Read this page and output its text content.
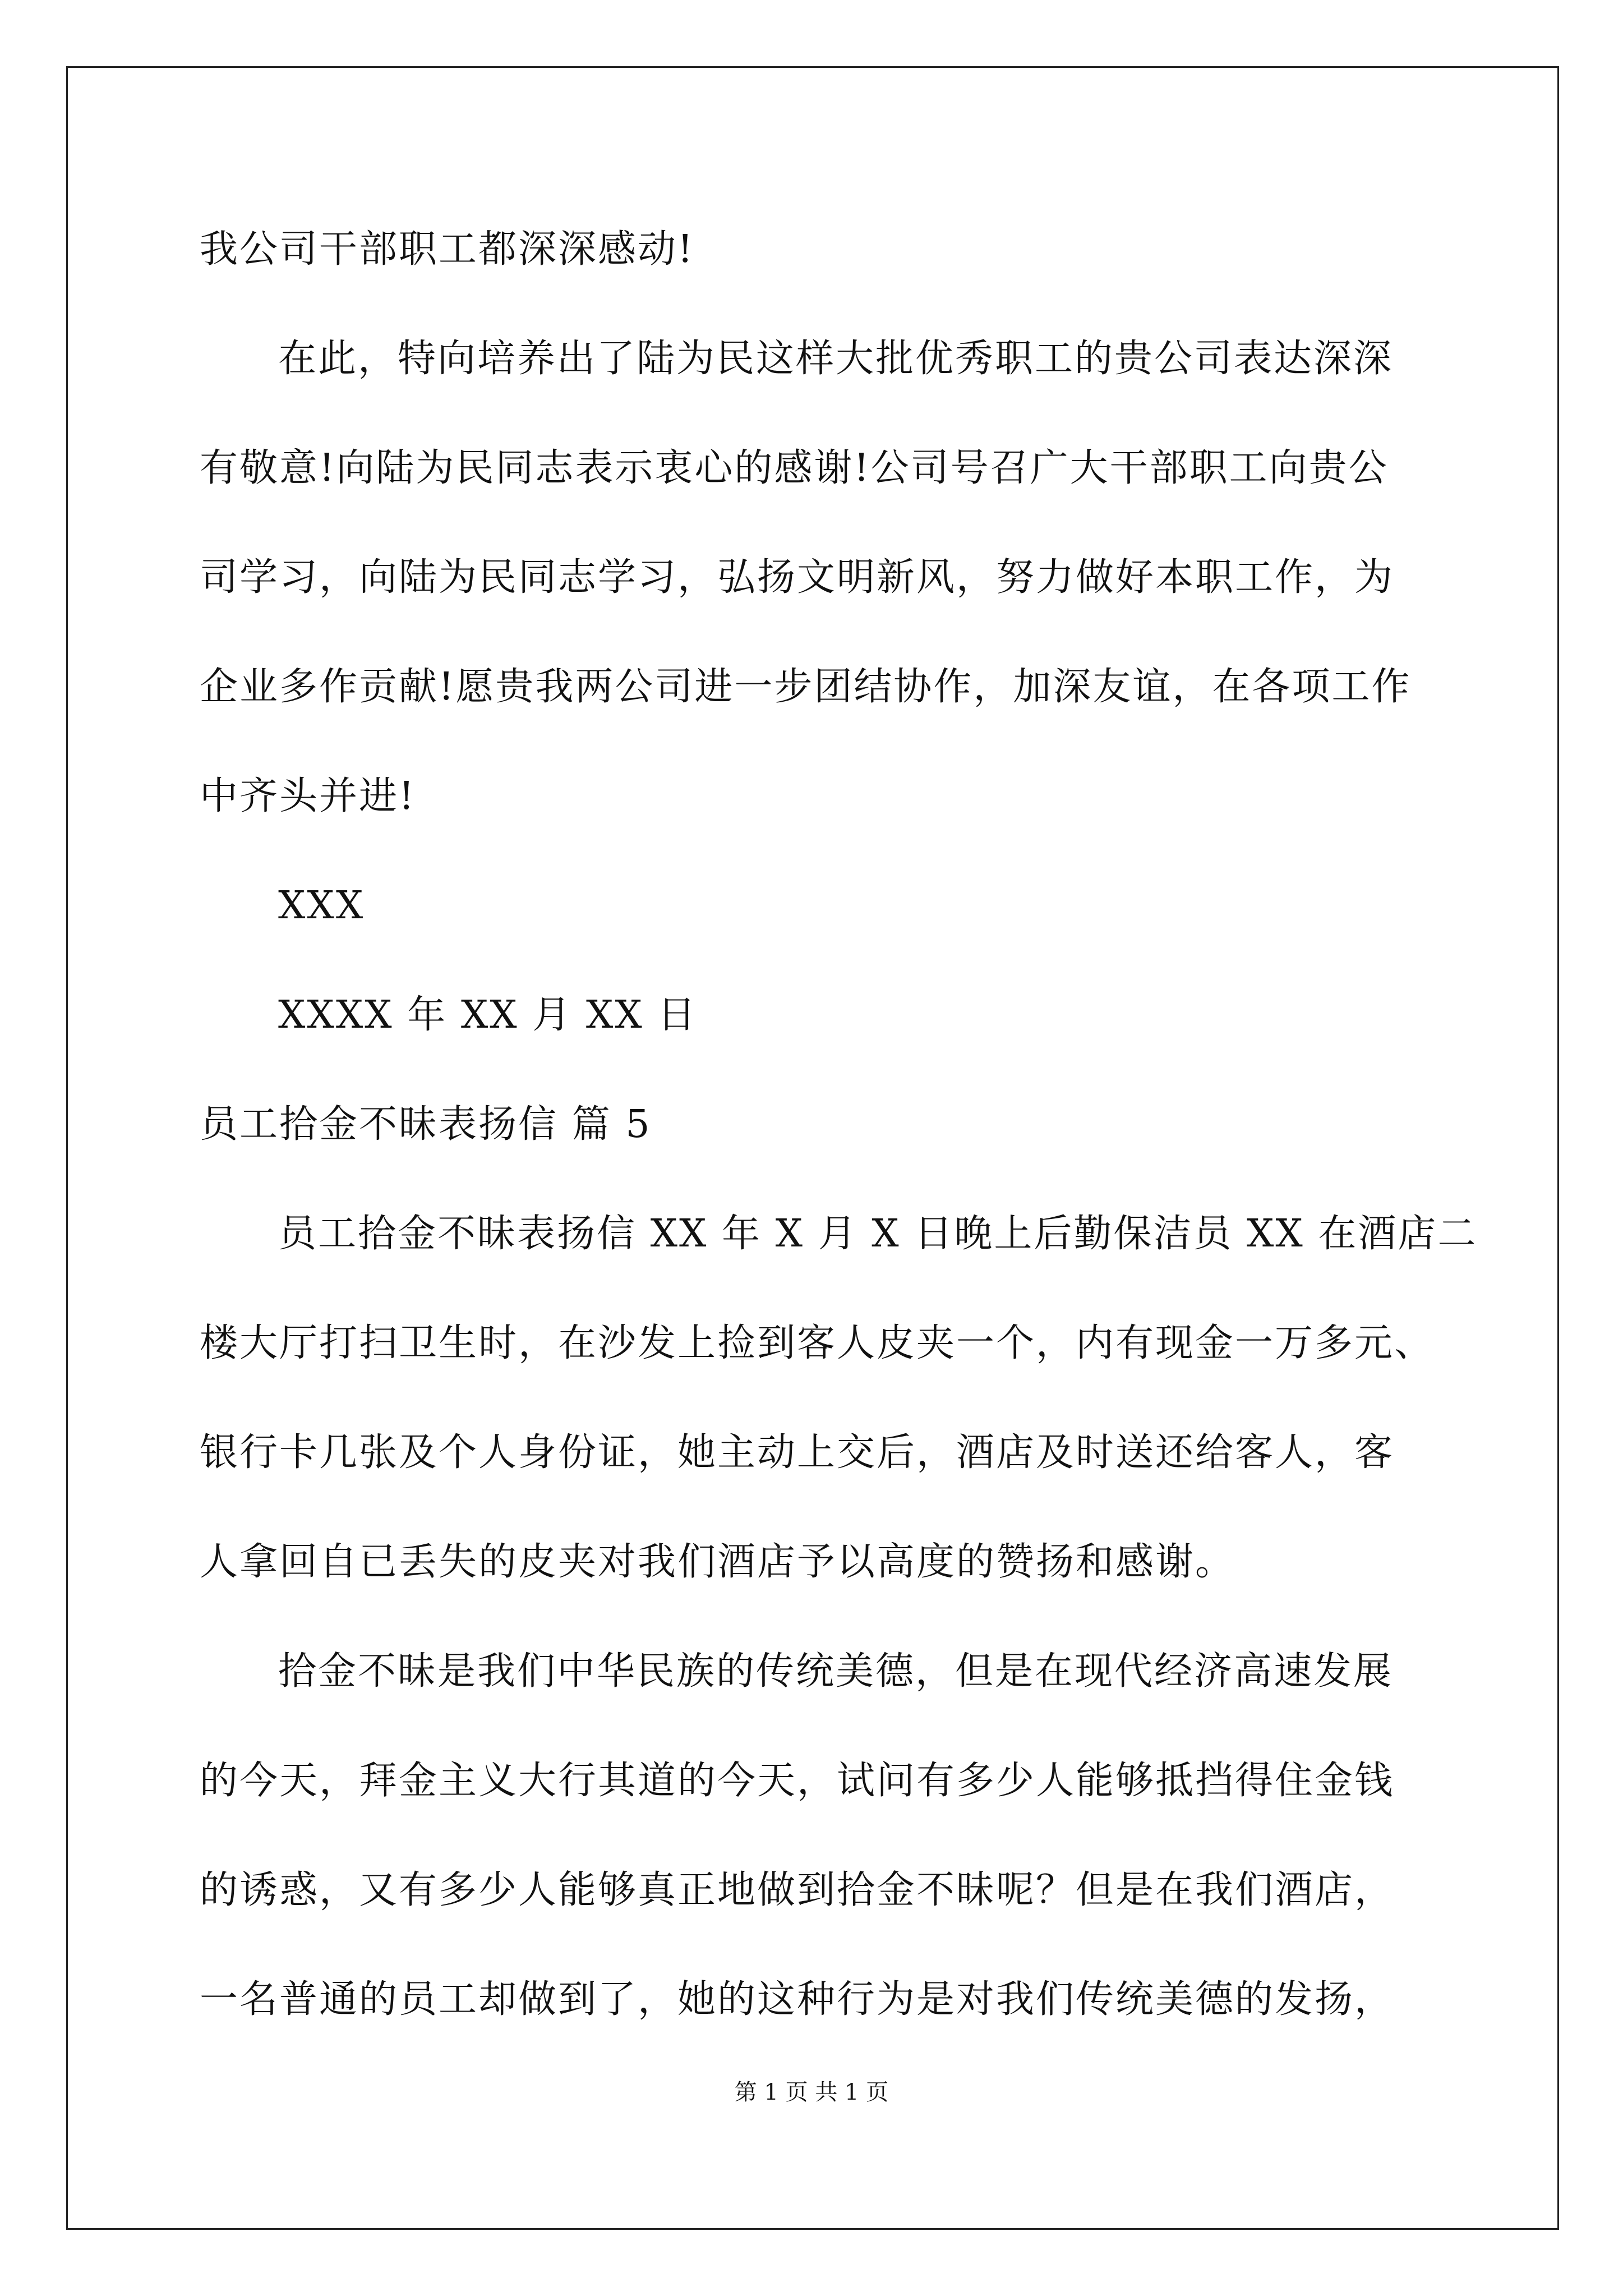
我公司干部职工都深深感动!
在此，特向培养出了陆为民这样大批优秀职工的贵公司表达深深
有敬意!向陆为民同志表示衷心的感谢!公司号召广大干部职工向贵公
司学习，向陆为民同志学习，弘扬文明新风，努力做好本职工作，为
企业多作贡献!愿贵我两公司进一步团结协作，加深友谊，在各项工作
中齐头并进!
XXX
XXXX 年 XX 月 XX 日
员工拾金不昧表扬信 篇 5
员工拾金不昧表扬信 XX 年 X 月 X 日晚上后勤保洁员 XX 在酒店二
楼大厅打扫卫生时，在沙发上捡到客人皮夹一个，内有现金一万多元、
银行卡几张及个人身份证，她主动上交后，酒店及时送还给客人，客
人拿回自已丢失的皮夹对我们酒店予以高度的赞扬和感谢。
拾金不昧是我们中华民族的传统美德，但是在现代经济高速发展
的今天，拜金主义大行其道的今天，试问有多少人能够抵挡得住金钱
的诱惑，又有多少人能够真正地做到拾金不昧呢？但是在我们酒店，
一名普通的员工却做到了，她的这种行为是对我们传统美德的发扬，
第 1 页 共 1 页
